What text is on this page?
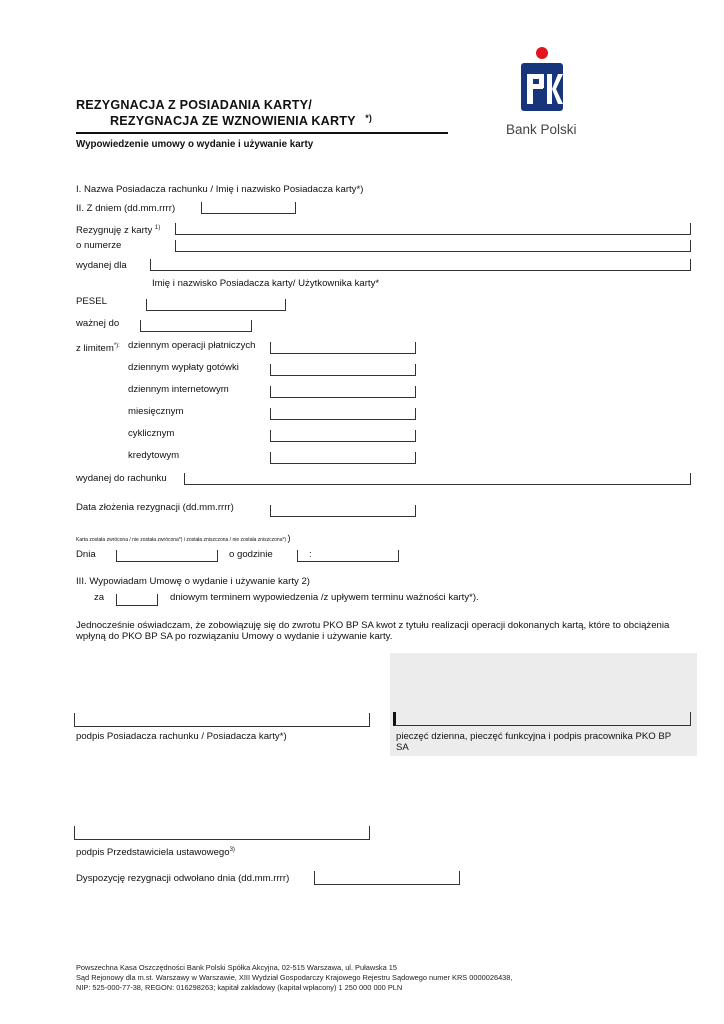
Bank Polski
REZYGNACJA Z POSIADANIA KARTY/
REZYGNACJA ZE WZNOWIENIA KARTY *)
Wypowiedzenie umowy o wydanie i używanie karty
I. Nazwa Posiadacza rachunku / Imię i nazwisko Posiadacza karty*)
II. Z dniem (dd.mm.rrrr)
Rezygnuję z karty $^{1)}$
o numerze
wydanej dla
Imię i nazwisko Posiadacza karty/ Użytkownika karty*
PESEL
ważnej do
z limitem*): dziennym operacji płatniczych
dziennym wypłaty gotówki
dziennym internetowym
miesięcznym
cyklicznym
kredytowym
wydanej do rachunku
Data złożenia rezygnacji (dd.mm.rrrr)
Karta została zwrócona / nie została zwrócona*) i została zniszczona / nie została zniszczona*) )
Dnia	o godzinie	:
III. Wypowiadam Umowę o wydanie i używanie karty 2)
za	dniowym terminem wypowiedzenia /z upływem terminu ważności karty*).
Jednocześnie oświadczam, że zobowiązuję się do zwrotu PKO BP SA kwot z tytułu realizacji operacji dokonanych kartą, które to obciążenia
wpłyną do PKO BP SA po rozwiązaniu Umowy o wydanie i używanie karty.
podpis Posiadacza rachunku / Posiadacza karty*)	pieczęć dzienna, pieczęć funkcyjna i podpis pracownika PKO BP
SA
podpis Przedstawiciela ustawowego$^{3)}$
Dyspozycję rezygnacji odwołano dnia (dd.mm.rrrr)
Powszechna Kasa Oszczędności Bank Polski Spółka Akcyjna, 02-515 Warszawa, ul. Puławska 15
Sąd Rejonowy dla m.st. Warszawy w Warszawie, XIII Wydział Gospodarczy Krajowego Rejestru Sądowego numer KRS 0000026438,
NIP: 525-000-77-38, REGON: 016298263; kapitał zakładowy (kapitał wpłacony) 1 250 000 000 PLN
